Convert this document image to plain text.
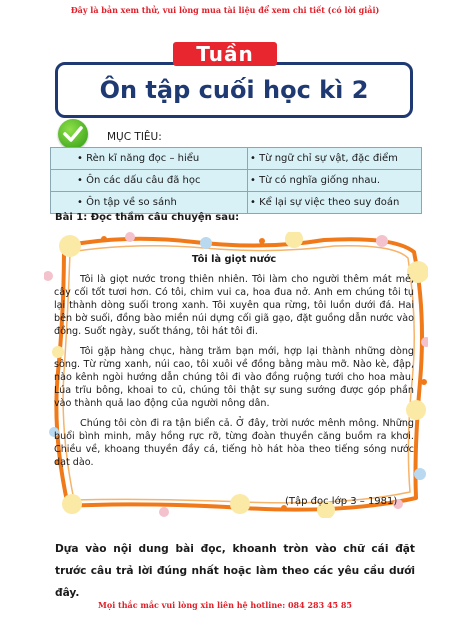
Đây là bản xem thử, vui lòng mua tài liệu để xem chi tiết (có lời giải)
Ôn tập cuối học kì 2
Tuần
MỤC TIÊU:
• Rèn kĩ năng đọc – hiểu	• Từ ngữ chỉ sự vật, đặc điểm
• Ôn các dấu câu đã học	• Từ có nghĩa giống nhau.
• Ôn tập về so sánh	• Kể lại sự việc theo suy đoán
Bài 1: Đọc thầm câu chuyện sau:
Tôi là giọt nước

Tôi là giọt nước trong thiên nhiên. Tôi làm cho người thêm mát mẻ, cây cối tốt tươi hơn. Có tôi, chim vui ca, hoa đua nở. Anh em chúng tôi tụ lại thành dòng suối trong xanh. Tôi xuyên qua rừng, tôi luồn dưới đá. Hai bên bờ suối, đồng bào miền núi dựng cối giã gạo, đặt guồng dẫn nước vào đồng. Suốt ngày, suốt tháng, tôi hát tôi đi.

Tôi gặp hàng chục, hàng trăm bạn mới, hợp lại thành những dòng sông. Từ rừng xanh, núi cao, tôi xuôi về đồng bằng màu mỡ. Nào kè, đập, nào kênh ngòi hướng dẫn chúng tôi đi vào đồng ruộng tưới cho hoa màu. Lúa trĩu bông, khoai to củ, chúng tôi thật sự sung sướng được góp phần vào thành quả lao động của người nông dân.

Chúng tôi còn đi ra tận biển cả. Ở đây, trời nước mênh mông. Những buổi bình minh, mây hồng rực rỡ, từng đoàn thuyền căng buồm ra khơi. Chiều về, khoang thuyền đầy cá, tiếng hò hát hòa theo tiếng sóng nước dạt dào.

(Tập đọc lớp 3 – 1981)
Dựa vào nội dung bài đọc, khoanh tròn vào chữ cái đặt trước câu trả lời đúng nhất hoặc làm theo các yêu cầu dưới đây.
Mọi thắc mắc vui lòng xin liên hệ hotline: 084 283 45 85
